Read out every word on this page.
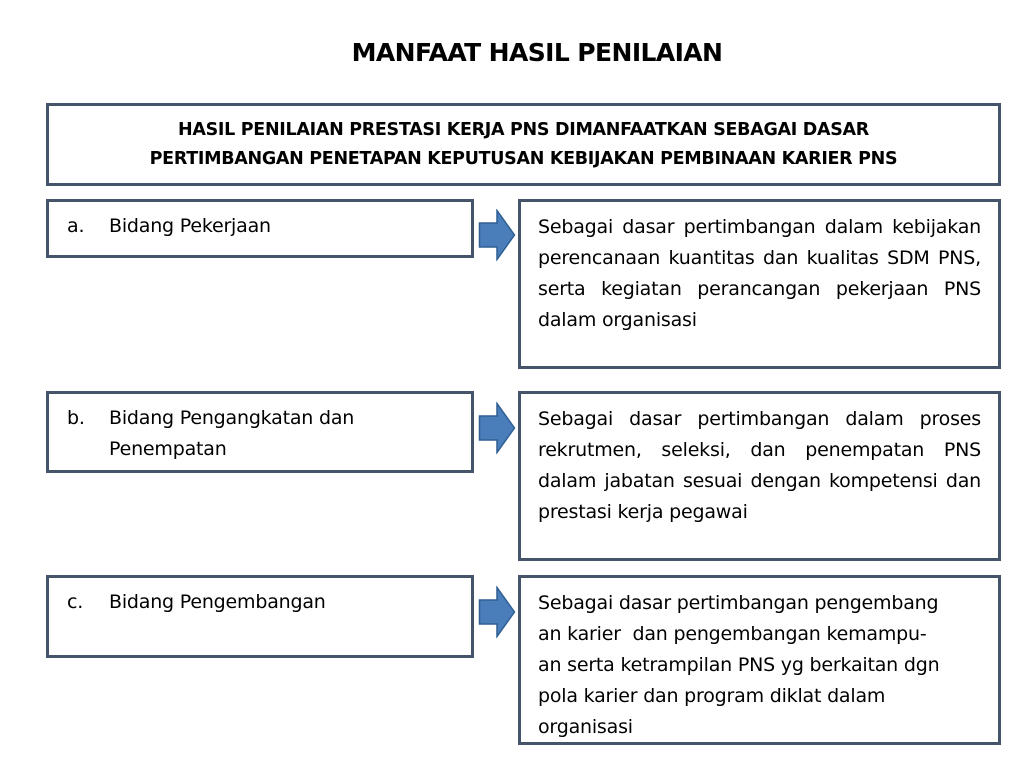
MANFAAT HASIL PENILAIAN
HASIL PENILAIAN PRESTASI KERJA PNS DIMANFAATKAN SEBAGAI DASAR
PERTIMBANGAN PENETAPAN KEPUTUSAN KEBIJAKAN PEMBINAAN KARIER PNS
a. Bidang Pekerjaan	Sebagai dasar pertimbangan dalam kebijakan perencanaan kuantitas dan kualitas SDM PNS, serta kegiatan perancangan pekerjaan PNS dalam organisasi
b. Bidang Pengangkatan dan Penempatan
Sebagai dasar pertimbangan dalam proses rekrutmen, seleksi, dan penempatan PNS dalam jabatan sesuai dengan kompetensi dan prestasi kerja pegawai
c. Bidang Pengembangan	Sebagai dasar pertimbangan pengembang
an karier  dan pengembangan kemampu-
an serta ketrampilan PNS yg berkaitan dgn
pola karier dan program diklat dalam
organisasi
